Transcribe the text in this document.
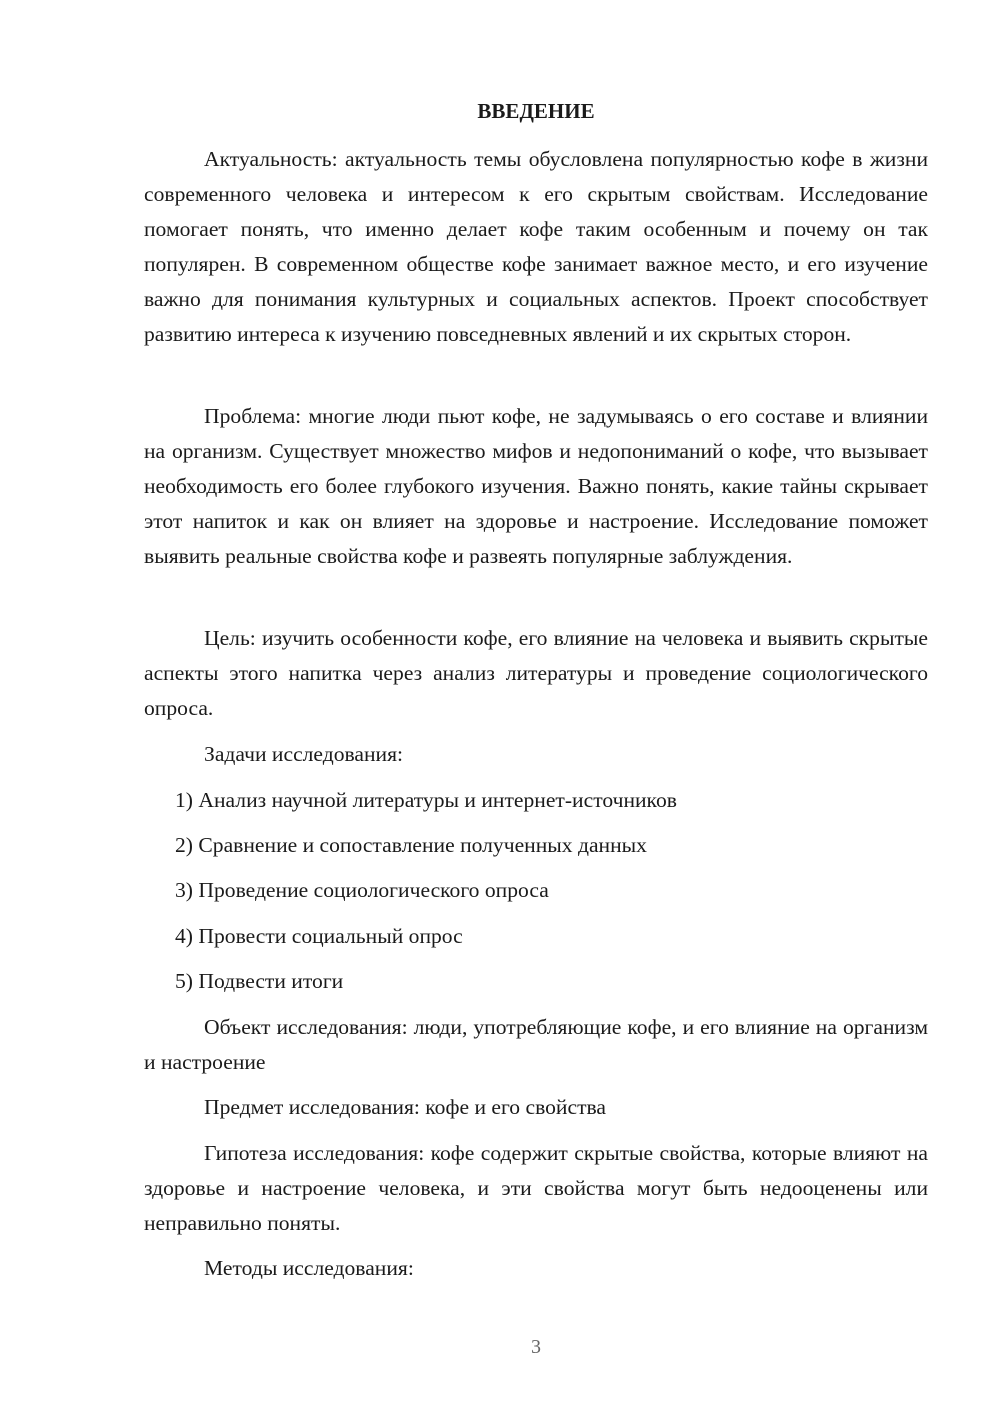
ВВЕДЕНИЕ
Актуальность: актуальность темы обусловлена популярностью кофе в жизни современного человека и интересом к его скрытым свойствам. Исследование помогает понять, что именно делает кофе таким особенным и почему он так популярен. В современном обществе кофе занимает важное место, и его изучение важно для понимания культурных и социальных аспектов. Проект способствует развитию интереса к изучению повседневных явлений и их скрытых сторон.
Проблема: многие люди пьют кофе, не задумываясь о его составе и влиянии на организм. Существует множество мифов и недопониманий о кофе, что вызывает необходимость его более глубокого изучения. Важно понять, какие тайны скрывает этот напиток и как он влияет на здоровье и настроение. Исследование поможет выявить реальные свойства кофе и развеять популярные заблуждения.
Цель: изучить особенности кофе, его влияние на человека и выявить скрытые аспекты этого напитка через анализ литературы и проведение социологического опроса.
Задачи исследования:
1) Анализ научной литературы и интернет-источников
2) Сравнение и сопоставление полученных данных
3) Проведение социологического опроса
4) Провести социальный опрос
5) Подвести итоги
Объект исследования: люди, употребляющие кофе, и его влияние на организм и настроение
Предмет исследования: кофе и его свойства
Гипотеза исследования: кофе содержит скрытые свойства, которые влияют на здоровье и настроение человека, и эти свойства могут быть недооценены или неправильно поняты.
Методы исследования:
3
